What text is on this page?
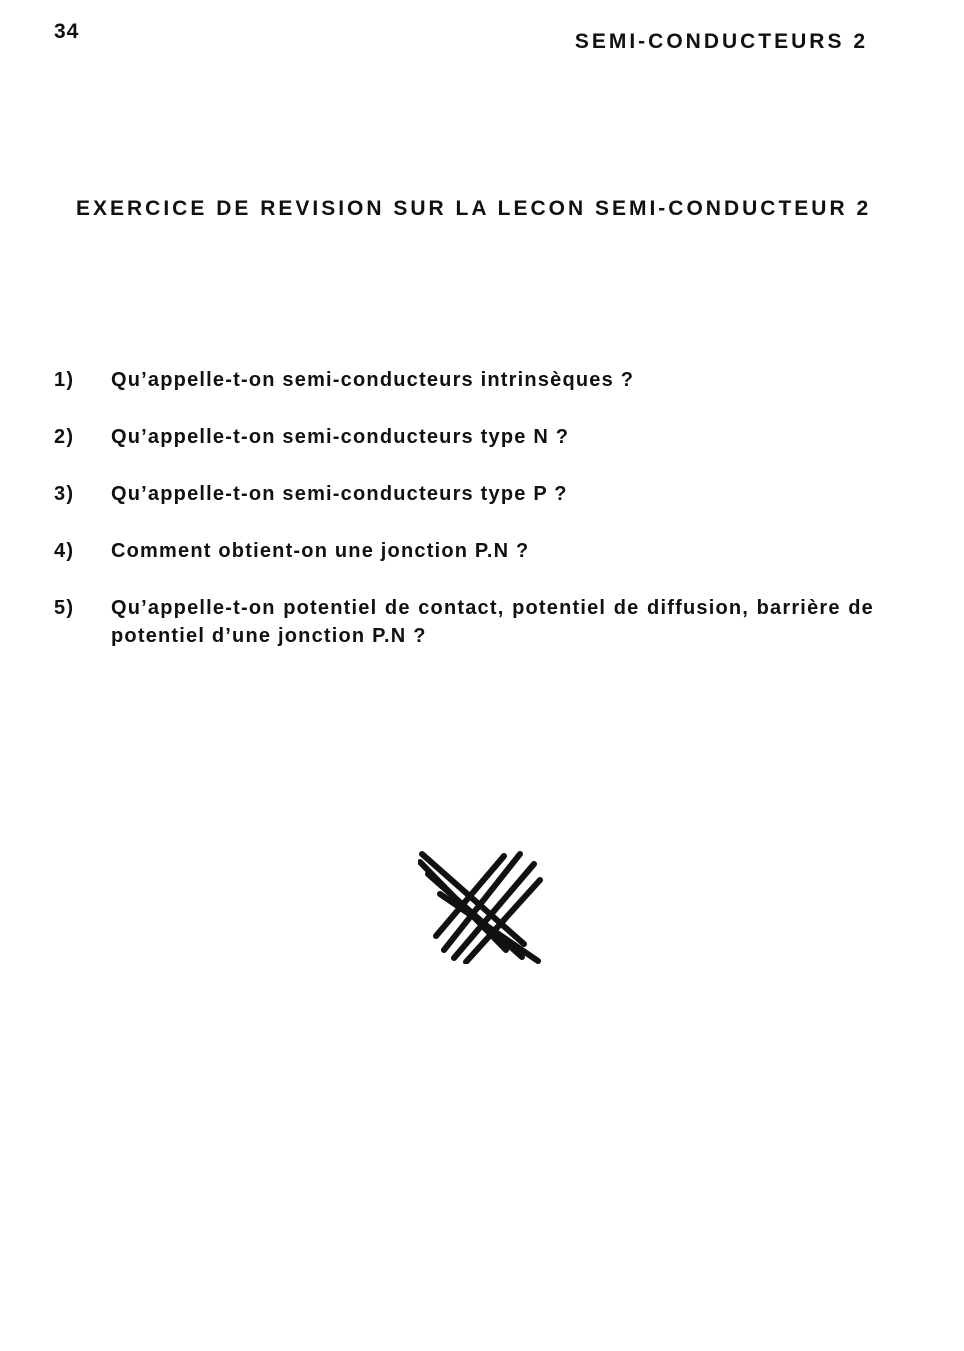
34	SEMI-CONDUCTEURS 2
EXERCICE DE REVISION SUR LA LECON SEMI-CONDUCTEUR 2
1)	Qu’appelle-t-on semi-conducteurs intrinsèques ?
2)	Qu’appelle-t-on semi-conducteurs type N ?
3)	Qu’appelle-t-on semi-conducteurs type P ?
4)	Comment obtient-on une jonction P.N ?
5)	Qu’appelle-t-on potentiel de contact, potentiel de diffusion, barrière de potentiel d’une jonction P.N ?
